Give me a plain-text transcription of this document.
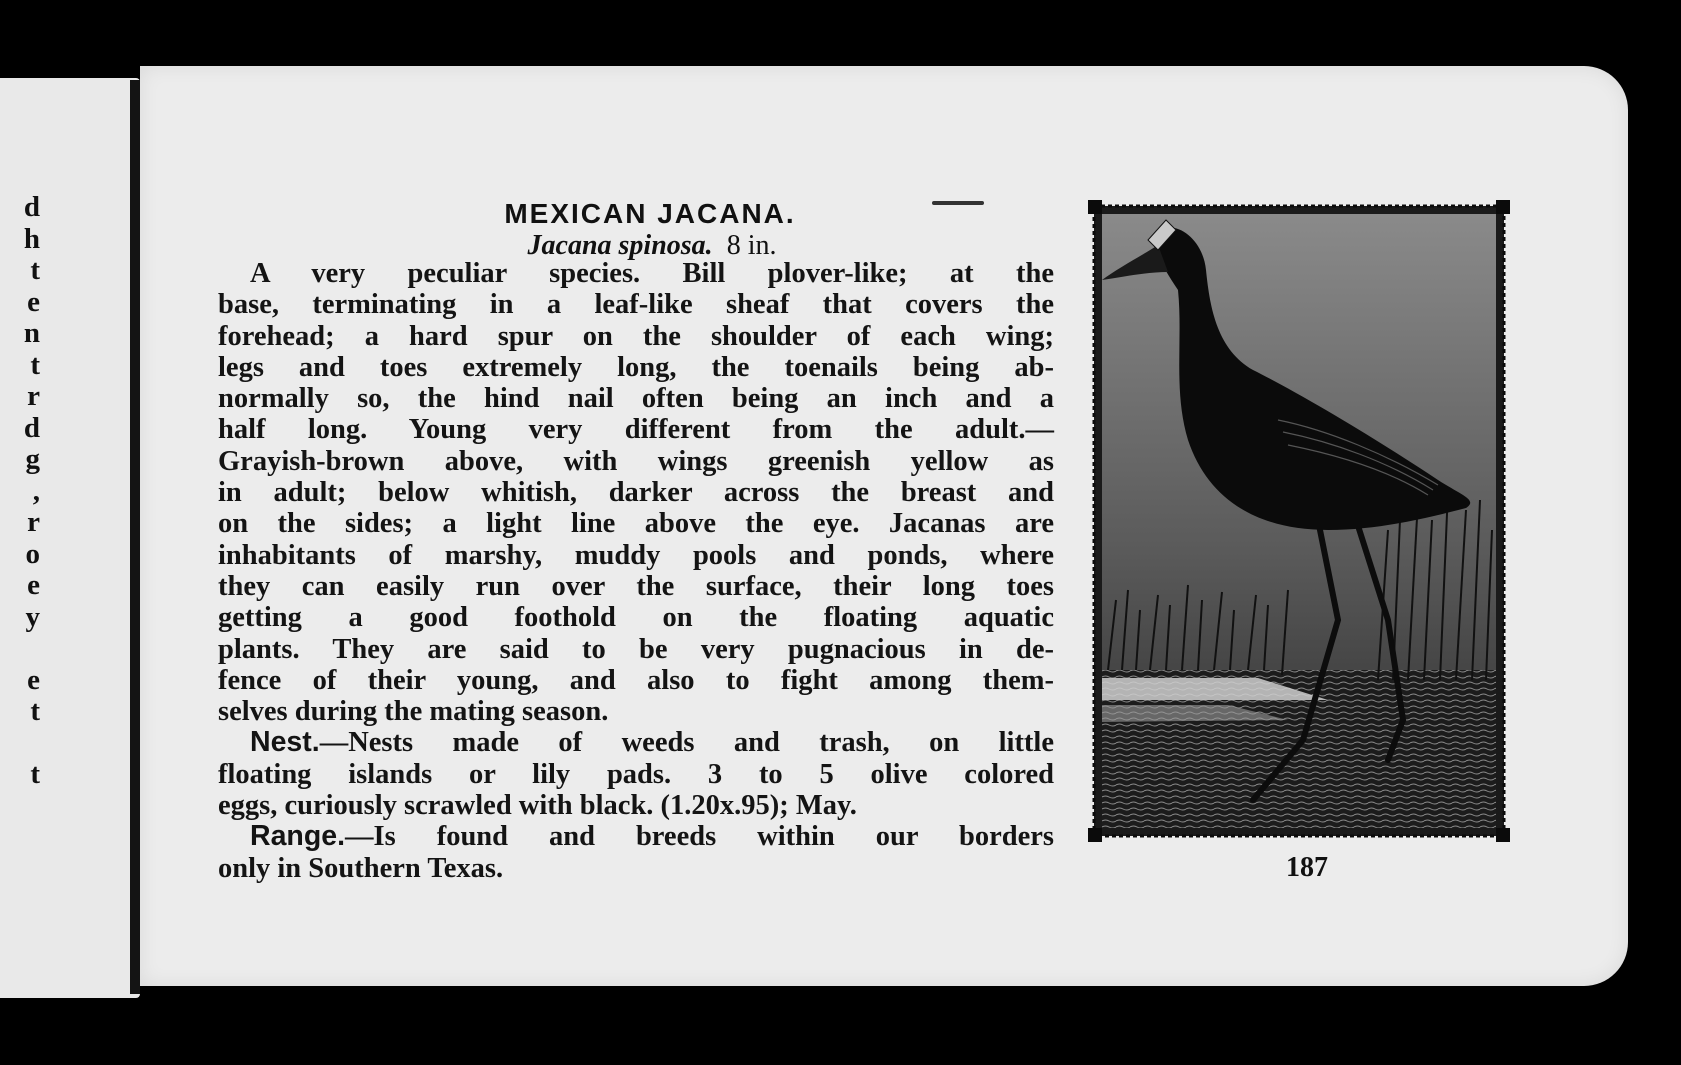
d
h
t
e
n
t
r
d
g
,
r
o
e
y
e
t
t
MEXICAN JACANA.
Jacana spinosa. 8 in.

A very peculiar species. Bill plover-like; at the
base, terminating in a leaf-like sheaf that covers the
forehead; a hard spur on the shoulder of each wing;
legs and toes extremely long, the toenails being ab-
normally so, the hind nail often being an inch and a
half long. Young very different from the adult.—
Grayish-brown above, with wings greenish yellow as
in adult; below whitish, darker across the breast and
on the sides; a light line above the eye. Jacanas are
inhabitants of marshy, muddy pools and ponds, where
they can easily run over the surface, their long toes
getting a good foothold on the floating aquatic
plants. They are said to be very pugnacious in de-
fence of their young, and also to fight among them-
selves during the mating season.

Nest.—Nests made of weeds and trash, on little
floating islands or lily pads. 3 to 5 olive colored
eggs, curiously scrawled with black. (1.20x.95); May.

Range.—Is found and breeds within our borders
only in Southern Texas.	187
